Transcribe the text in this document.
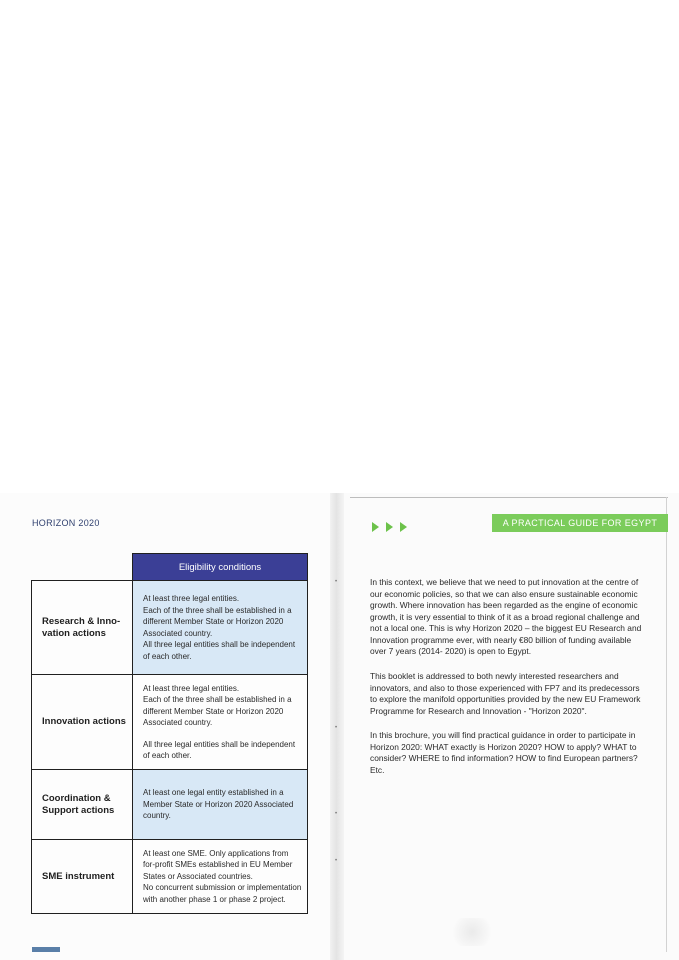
HORIZON 2020
	Eligibility conditions
Research & Inno-vation actions	At least three legal entities.
Each of the three shall be established in a different Member State or Horizon 2020 Associated country.
All three legal entities shall be independent of each other.

Innovation actions	At least three legal entities.
Each of the three shall be established in a different Member State or Horizon 2020 Associated country.
All three legal entities shall be independent of each other.

Coordination & Support actions	At least one legal entity established in a Member State or Horizon 2020 Associated country.

SME instrument	At least one SME. Only applications from for-profit SMEs established in EU Member States or Associated countries.
No concurrent submission or implementation with another phase 1 or phase 2 project.
•
•
•
•
A PRACTICAL GUIDE FOR EGYPT

In this context, we believe that we need to put innovation at the centre of our economic policies, so that we can also ensure sustainable economic growth. Where innovation has been regarded as the engine of economic growth, it is very essential to think of it as a broad regional challenge and not a local one. This is why Horizon 2020 – the biggest EU Research and Innovation programme ever, with nearly €80 billion of funding available over 7 years (2014- 2020) is open to Egypt.

This booklet is addressed to both newly interested researchers and innovators, and also to those experienced with FP7 and its predecessors to explore the manifold opportunities provided by the new EU Framework Programme for Research and Innovation - "Horizon 2020".

In this brochure, you will find practical guidance in order to participate in Horizon 2020: WHAT exactly is Horizon 2020? HOW to apply? WHAT to consider? WHERE to find information? HOW to find European partners? Etc.
